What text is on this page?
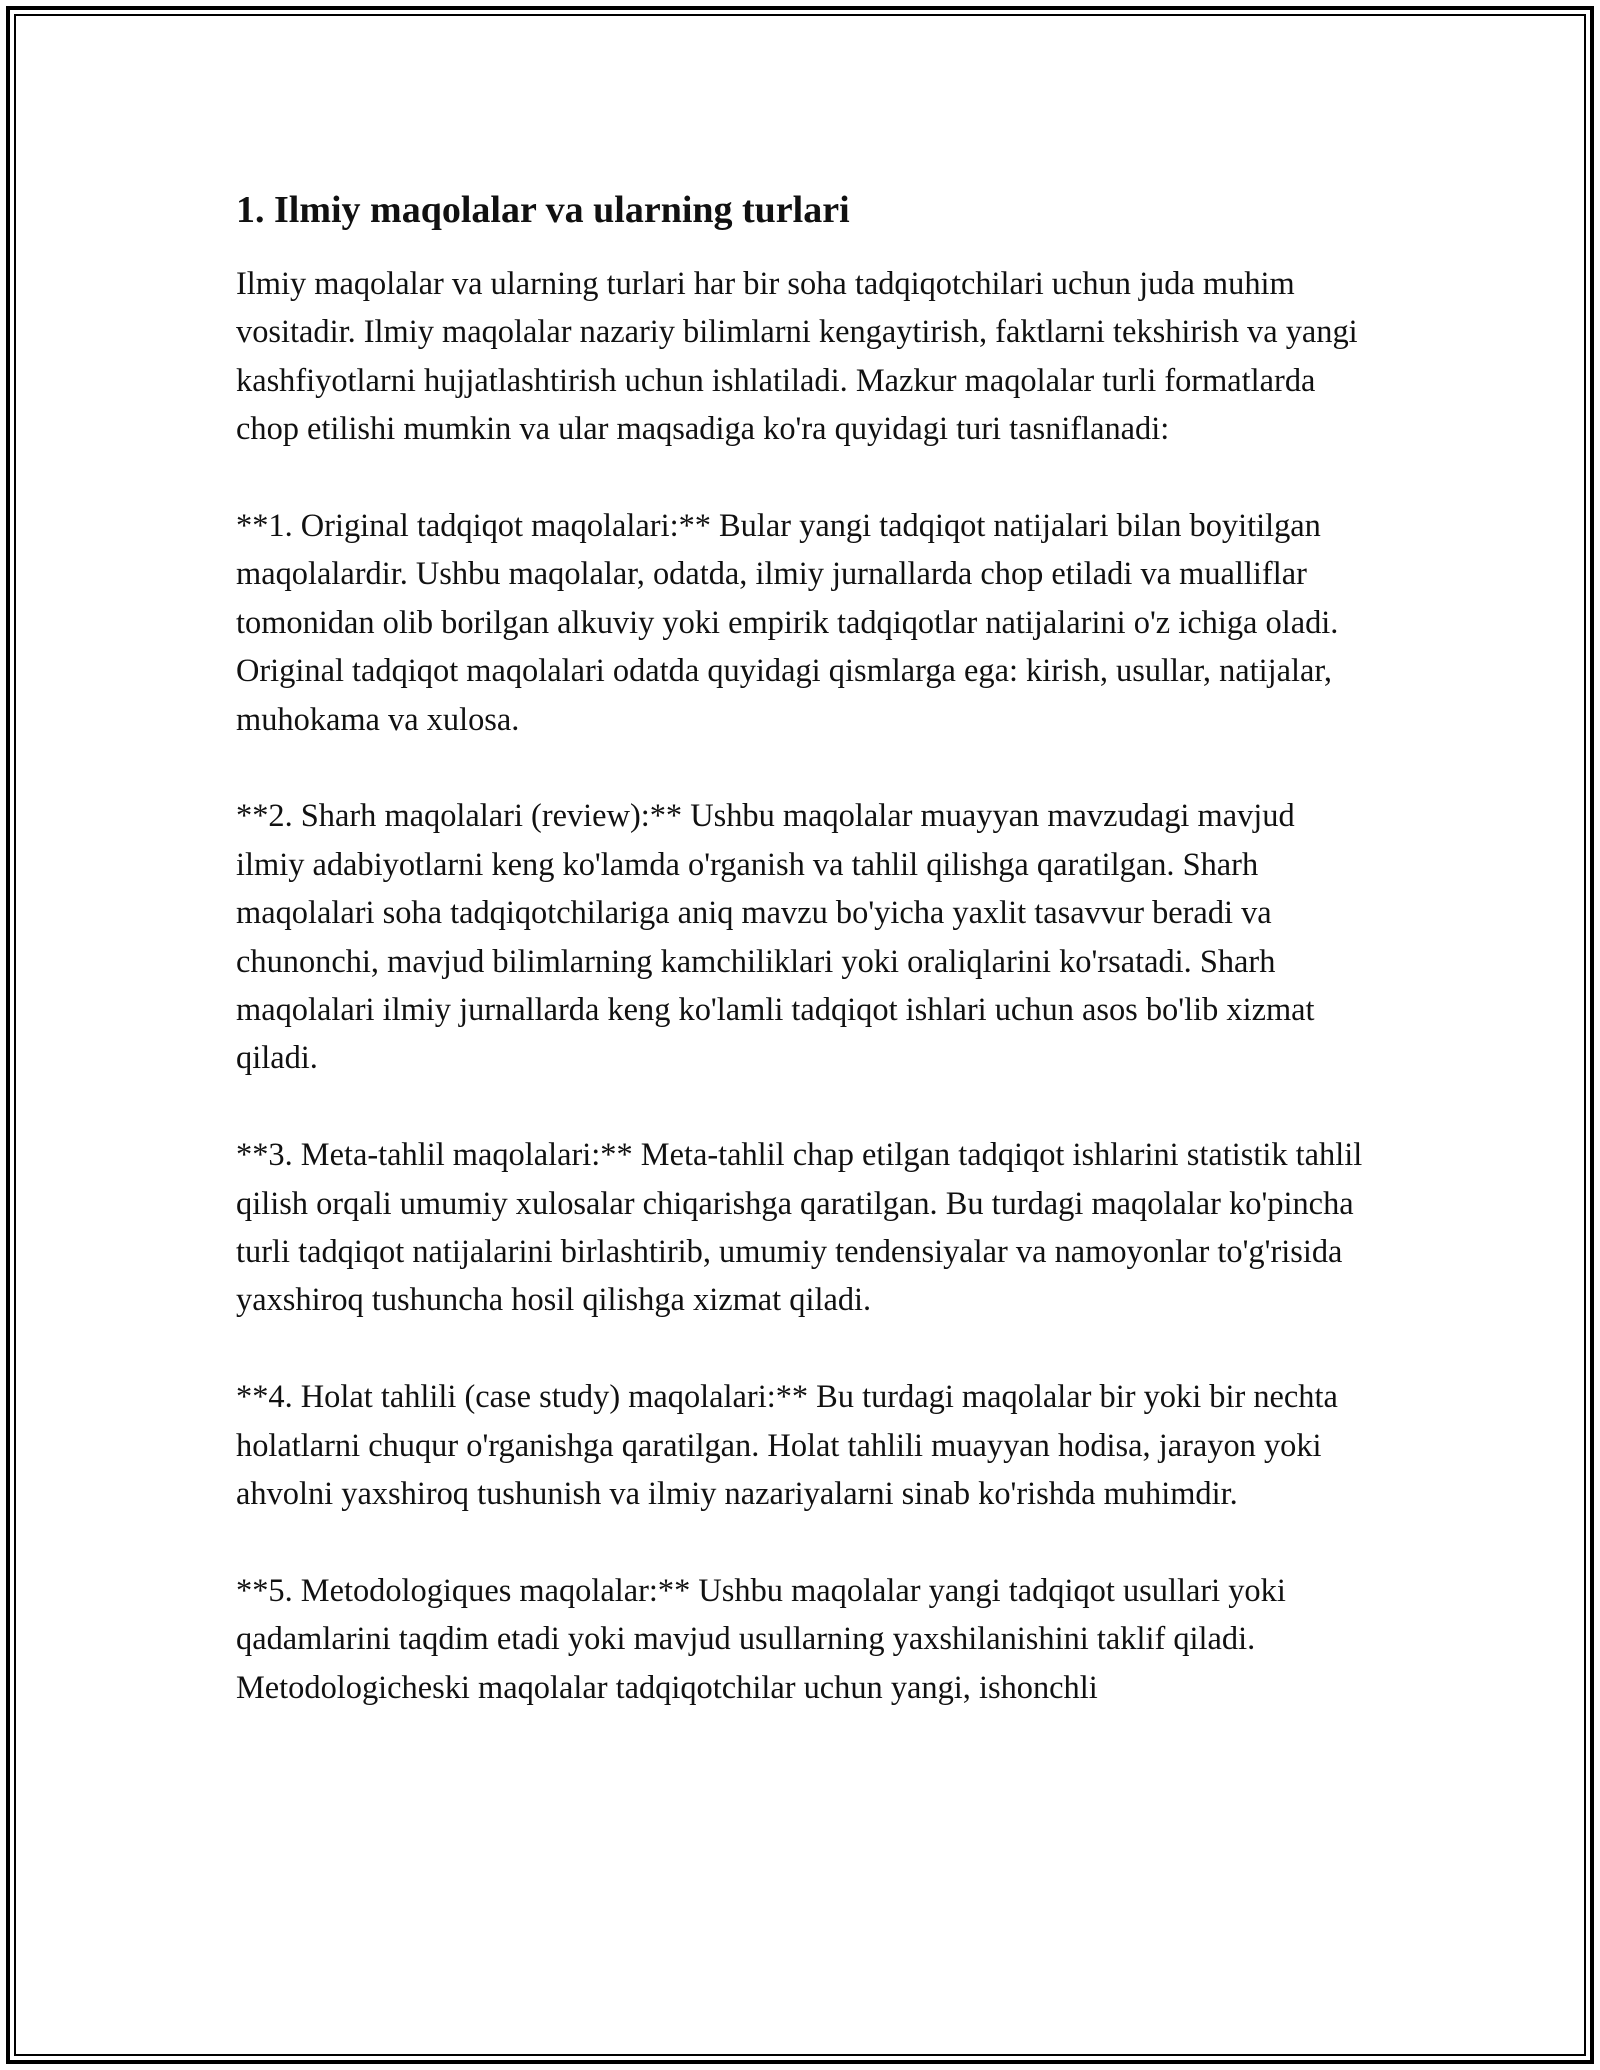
1. Ilmiy maqolalar va ularning turlari

Ilmiy maqolalar va ularning turlari har bir soha tadqiqotchilari uchun juda muhim vositadir. Ilmiy maqolalar nazariy bilimlarni kengaytirish, faktlarni tekshirish va yangi kashfiyotlarni hujjatlashtirish uchun ishlatiladi. Mazkur maqolalar turli formatlarda chop etilishi mumkin va ular maqsadiga ko'ra quyidagi turi tasniflanadi:

**1. Original tadqiqot maqolalari:** Bular yangi tadqiqot natijalari bilan boyitilgan maqolalardir. Ushbu maqolalar, odatda, ilmiy jurnallarda chop etiladi va mualliflar tomonidan olib borilgan alkuviy yoki empirik tadqiqotlar natijalarini o'z ichiga oladi. Original tadqiqot maqolalari odatda quyidagi qismlarga ega: kirish, usullar, natijalar, muhokama va xulosa.

**2. Sharh maqolalari (review):** Ushbu maqolalar muayyan mavzudagi mavjud ilmiy adabiyotlarni keng ko'lamda o'rganish va tahlil qilishga qaratilgan. Sharh maqolalari soha tadqiqotchilariga aniq mavzu bo'yicha yaxlit tasavvur beradi va chunonchi, mavjud bilimlarning kamchiliklari yoki oraliqlarini ko'rsatadi. Sharh maqolalari ilmiy jurnallarda keng ko'lamli tadqiqot ishlari uchun asos bo'lib xizmat qiladi.

**3. Meta-tahlil maqolalari:** Meta-tahlil chap etilgan tadqiqot ishlarini statistik tahlil qilish orqali umumiy xulosalar chiqarishga qaratilgan. Bu turdagi maqolalar ko'pincha turli tadqiqot natijalarini birlashtirib, umumiy tendensiyalar va namoyonlar to'g'risida yaxshiroq tushuncha hosil qilishga xizmat qiladi.

**4. Holat tahlili (case study) maqolalari:** Bu turdagi maqolalar bir yoki bir nechta holatlarni chuqur o'rganishga qaratilgan. Holat tahlili muayyan hodisa, jarayon yoki ahvolni yaxshiroq tushunish va ilmiy nazariyalarni sinab ko'rishda muhimdir.

**5. Metodologiques maqolalar:** Ushbu maqolalar yangi tadqiqot usullari yoki qadamlarini taqdim etadi yoki mavjud usullarning yaxshilanishini taklif qiladi. Metodologicheski maqolalar tadqiqotchilar uchun yangi, ishonchli
